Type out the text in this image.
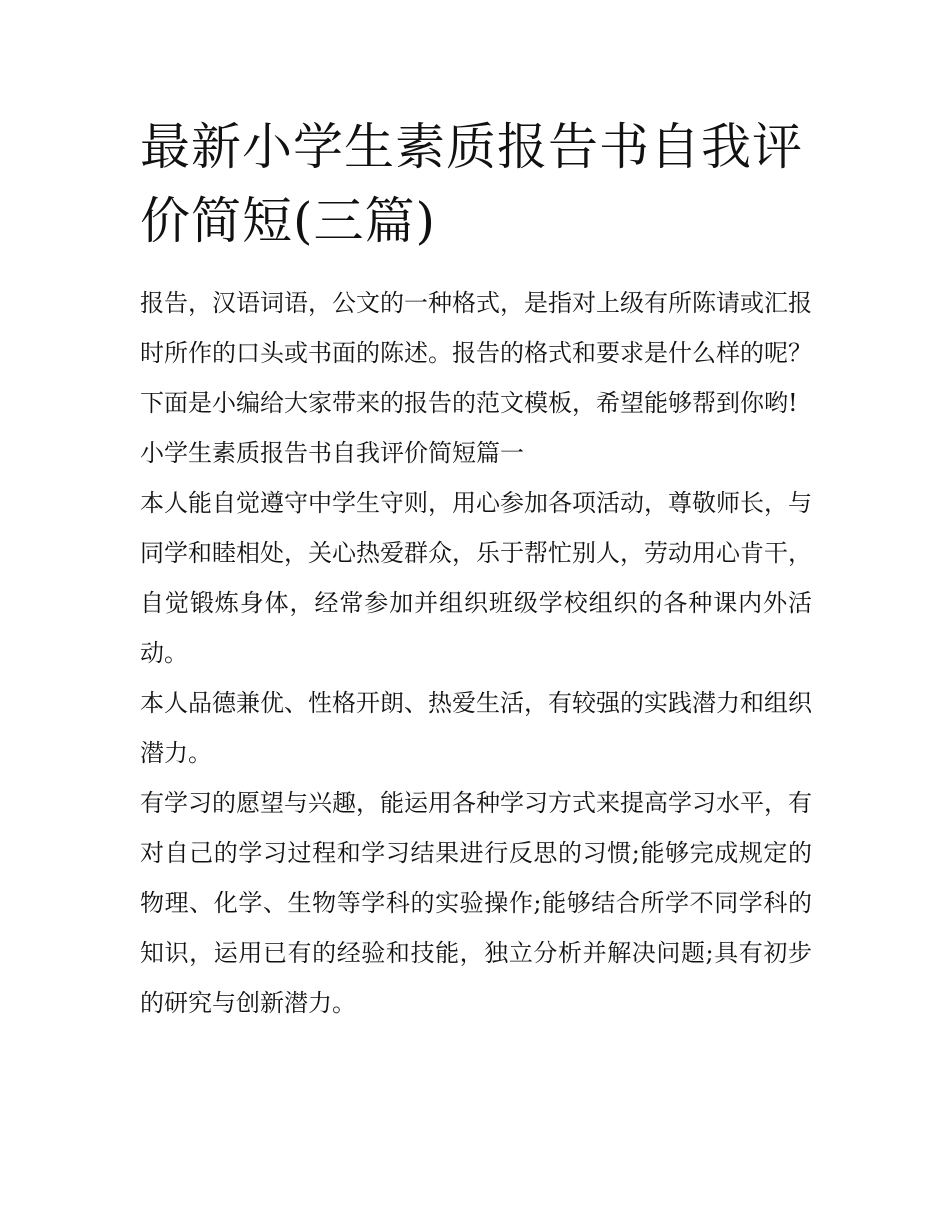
最新小学生素质报告书自我评价简短(三篇)

报告，汉语词语，公文的一种格式，是指对上级有所陈请或汇报时所作的口头或书面的陈述。报告的格式和要求是什么样的呢？下面是小编给大家带来的报告的范文模板，希望能够帮到你哟!

小学生素质报告书自我评价简短篇一

本人能自觉遵守中学生守则，用心参加各项活动，尊敬师长，与同学和睦相处，关心热爱群众，乐于帮忙别人，劳动用心肯干，自觉锻炼身体，经常参加并组织班级学校组织的各种课内外活动。

本人品德兼优、性格开朗、热爱生活，有较强的实践潜力和组织潜力。

有学习的愿望与兴趣，能运用各种学习方式来提高学习水平，有对自己的学习过程和学习结果进行反思的习惯;能够完成规定的物理、化学、生物等学科的实验操作;能够结合所学不同学科的知识，运用已有的经验和技能，独立分析并解决问题;具有初步的研究与创新潜力。
